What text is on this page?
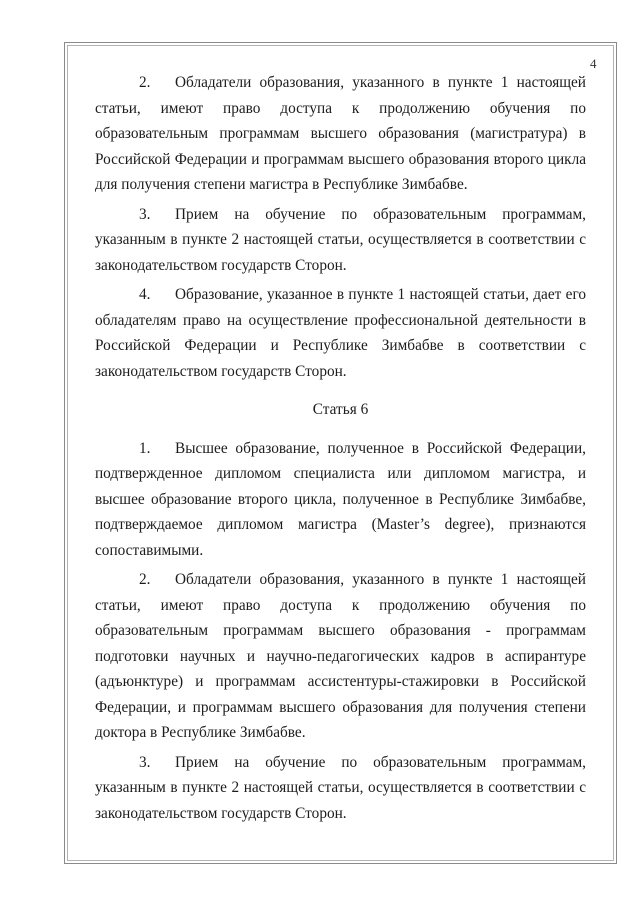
4

2. Обладатели образования, указанного в пункте 1 настоящей статьи, имеют право доступа к продолжению обучения по образовательным программам высшего образования (магистратура) в Российской Федерации и программам высшего образования второго цикла для получения степени магистра в Республике Зимбабве.

3. Прием на обучение по образовательным программам, указанным в пункте 2 настоящей статьи, осуществляется в соответствии с законодательством государств Сторон.

4. Образование, указанное в пункте 1 настоящей статьи, дает его обладателям право на осуществление профессиональной деятельности в Российской Федерации и Республике Зимбабве в соответствии с законодательством государств Сторон.

Статья 6

1. Высшее образование, полученное в Российской Федерации, подтвержденное дипломом специалиста или дипломом магистра, и высшее образование второго цикла, полученное в Республике Зимбабве, подтверждаемое дипломом магистра (Master’s degree), признаются сопоставимыми.

2. Обладатели образования, указанного в пункте 1 настоящей статьи, имеют право доступа к продолжению обучения по образовательным программам высшего образования - программам подготовки научных и научно-педагогических кадров в аспирантуре (адъюнктуре) и программам ассистентуры-стажировки в Российской Федерации, и программам высшего образования для получения степени доктора в Республике Зимбабве.

3. Прием на обучение по образовательным программам, указанным в пункте 2 настоящей статьи, осуществляется в соответствии с законодательством государств Сторон.
